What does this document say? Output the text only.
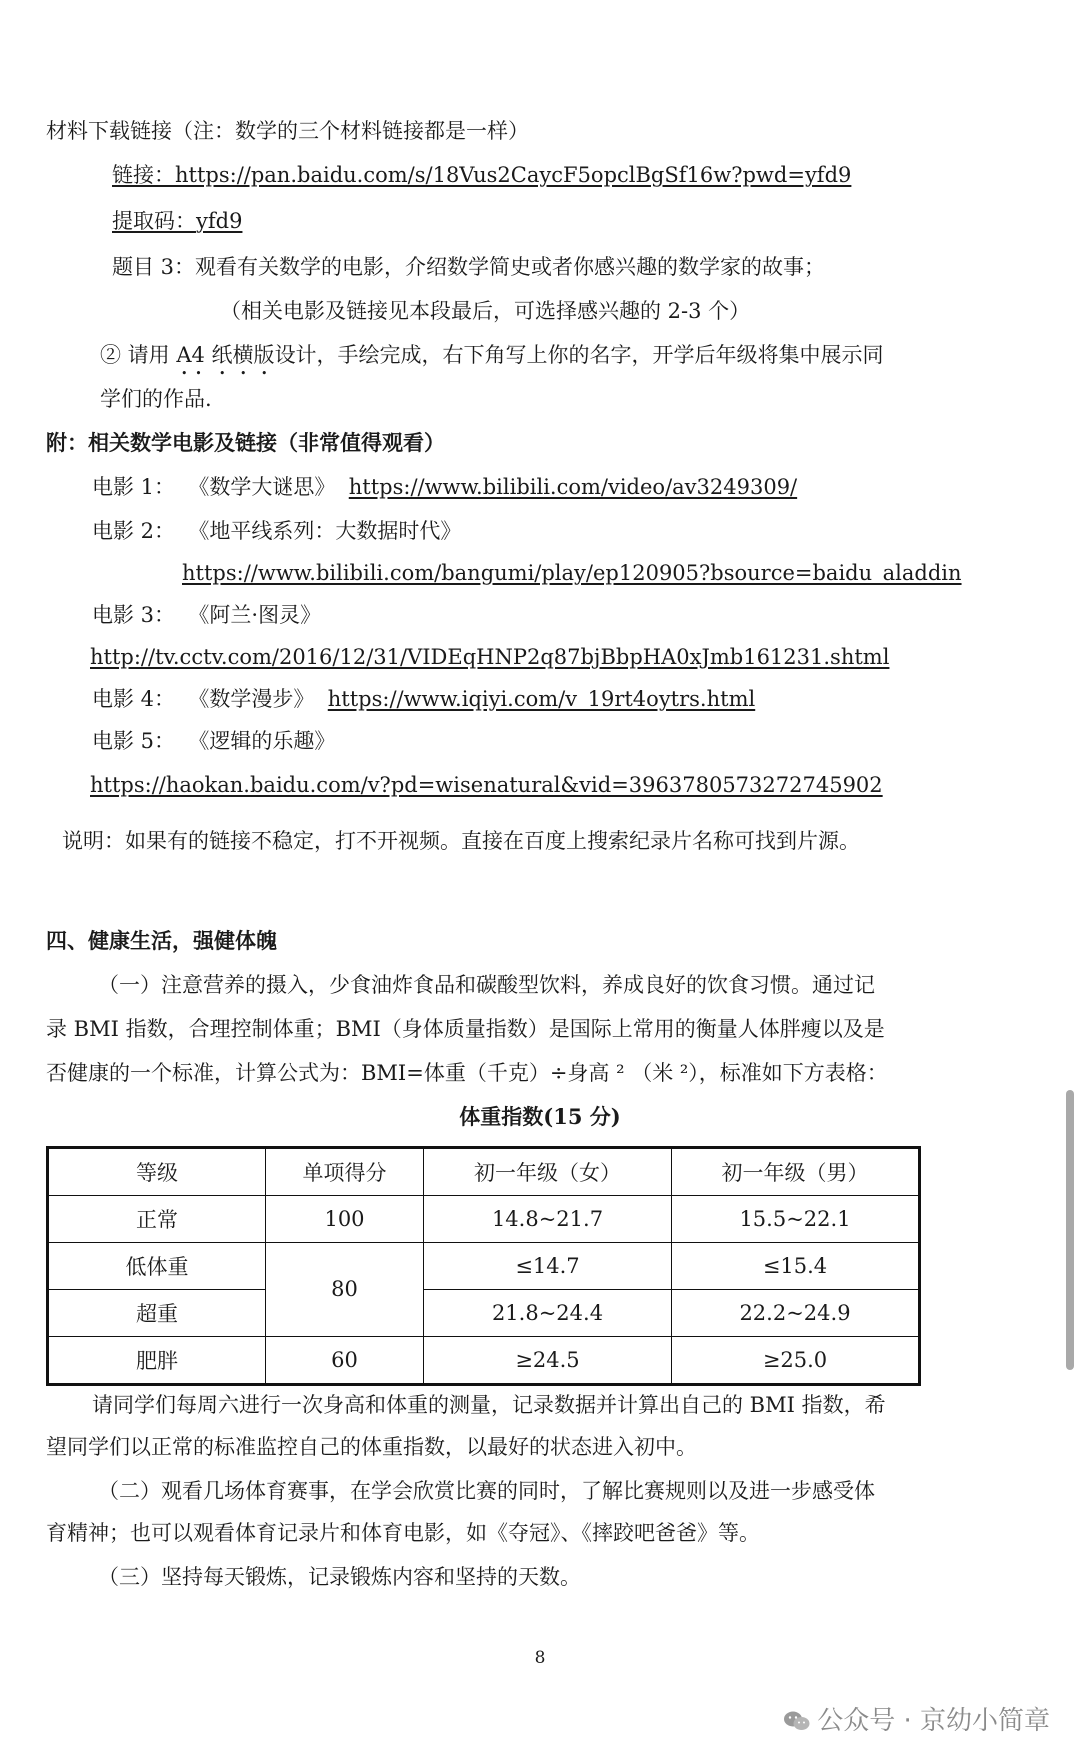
材料下载链接（注：数学的三个材料链接都是一样）
链接：https://pan.baidu.com/s/18Vus2CaycF5opclBgSf16w?pwd=yfd9
提取码：yfd9
题目 3：观看有关数学的电影，介绍数学简史或者你感兴趣的数学家的故事；
（相关电影及链接见本段最后，可选择感兴趣的 2-3 个）
② 请用 A4 纸横版设计，手绘完成，右下角写上你的名字，开学后年级将集中展示同
学们的作品.
附：相关数学电影及链接（非常值得观看）
电影 1： 《数学大谜思》 https://www.bilibili.com/video/av3249309/
电影 2： 《地平线系列：大数据时代》
https://www.bilibili.com/bangumi/play/ep120905?bsource=baidu_aladdin
电影 3： 《阿兰·图灵》
http://tv.cctv.com/2016/12/31/VIDEqHNP2q87bjBbpHA0xJmb161231.shtml
电影 4： 《数学漫步》 https://www.iqiyi.com/v_19rt4oytrs.html
电影 5： 《逻辑的乐趣》
https://haokan.baidu.com/v?pd=wisenatural&vid=3963780573272745902
说明：如果有的链接不稳定，打不开视频。直接在百度上搜索纪录片名称可找到片源。
四、健康生活，强健体魄
（一）注意营养的摄入，少食油炸食品和碳酸型饮料，养成良好的饮食习惯。通过记
录 BMI 指数，合理控制体重；BMI（身体质量指数）是国际上常用的衡量人体胖瘦以及是
否健康的一个标准，计算公式为：BMI=体重（千克）÷身高 ² （米 ²），标准如下方表格：
体重指数(15 分)
等级	单项得分	初一年级（女）	初一年级（男）
正常	100	14.8~21.7	15.5~22.1
低体重	80	≤14.7	≤15.4
超重		21.8~24.4	22.2~24.9
肥胖	60	≥24.5	≥25.0
请同学们每周六进行一次身高和体重的测量，记录数据并计算出自己的 BMI 指数，希
望同学们以正常的标准监控自己的体重指数，以最好的状态进入初中。
（二）观看几场体育赛事，在学会欣赏比赛的同时，了解比赛规则以及进一步感受体
育精神；也可以观看体育记录片和体育电影，如《夺冠》、《摔跤吧爸爸》等。
（三）坚持每天锻炼，记录锻炼内容和坚持的天数。
8
公众号 · 京幼小简章
